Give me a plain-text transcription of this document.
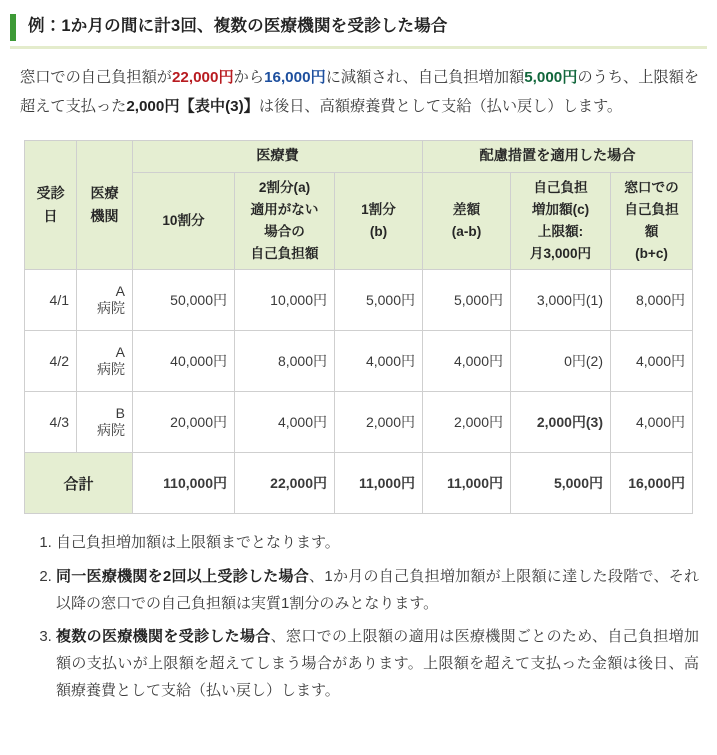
例：1か月の間に計3回、複数の医療機関を受診した場合

窓口での自己負担額が22,000円から16,000円に減額され、自己負担増加額5,000円のうち、上限額を超えて支払った2,000円【表中(3)】は後日、高額療養費として支給（払い戻し）します。

受診日	医療機関	医療費			配慮措置を適用した場合		
		10割分	2割分(a)
適用がない
場合の
自己負担額	1割分
(b)	差額
(a-b)	自己負担
増加額(c)
上限額:
月3,000円	窓口での
自己負担額
(b+c)
4/1	A
病院	50,000円	10,000円	5,000円	5,000円	3,000円(1)	8,000円
4/2	A
病院	40,000円	8,000円	4,000円	4,000円	0円(2)	4,000円
4/3	B
病院	20,000円	4,000円	2,000円	2,000円	2,000円(3)	4,000円
合計		110,000円	22,000円	11,000円	11,000円	5,000円	16,000円
1. 自己負担増加額は上限額までとなります。
2. 同一医療機関を2回以上受診した場合、1か月の自己負担増加額が上限額に達した段階で、それ以降の窓口での自己負担額は実質1割分のみとなります。
3. 複数の医療機関を受診した場合、窓口での上限額の適用は医療機関ごとのため、自己負担増加額の支払いが上限額を超えてしまう場合があります。上限額を超えて支払った金額は後日、高額療養費として支給（払い戻し）します。
